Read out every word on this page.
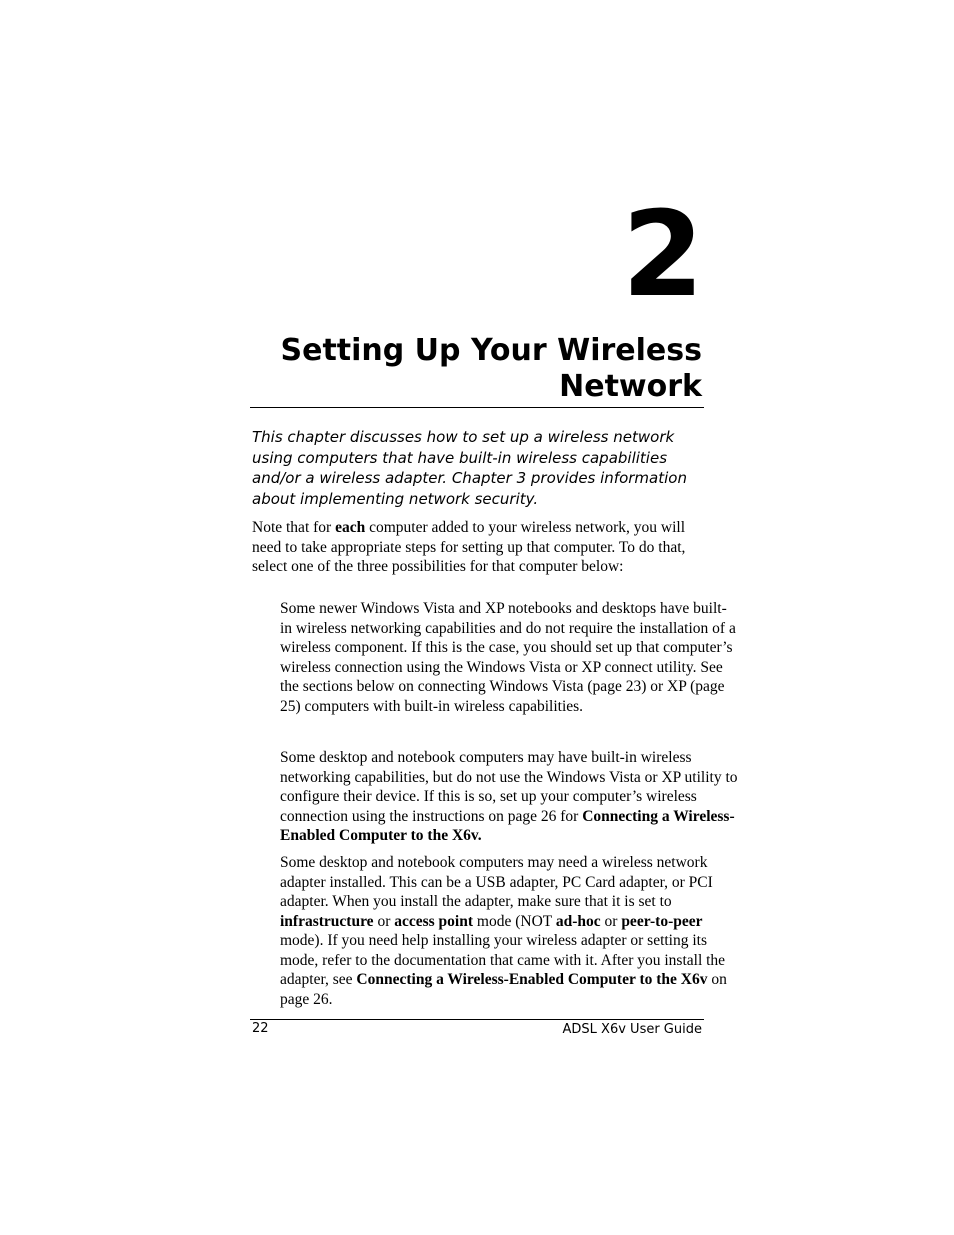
2
Setting Up Your Wireless
Network

This chapter discusses how to set up a wireless network using computers that have built-in wireless capabilities and/or a wireless adapter. Chapter 3 provides information about implementing network security.

Note that for each computer added to your wireless network, you will need to take appropriate steps for setting up that computer. To do that, select one of the three possibilities for that computer below:

Some newer Windows Vista and XP notebooks and desktops have built-in wireless networking capabilities and do not require the installation of a wireless component. If this is the case, you should set up that computer’s wireless connection using the Windows Vista or XP connect utility. See the sections below on connecting Windows Vista (page 23) or XP (page 25) computers with built-in wireless capabilities.

Some desktop and notebook computers may have built-in wireless networking capabilities, but do not use the Windows Vista or XP utility to configure their device. If this is so, set up your computer’s wireless connection using the instructions on page 26 for Connecting a Wireless-Enabled Computer to the X6v.

Some desktop and notebook computers may need a wireless network adapter installed. This can be a USB adapter, PC Card adapter, or PCI adapter. When you install the adapter, make sure that it is set to infrastructure or access point mode (NOT ad-hoc or peer-to-peer mode). If you need help installing your wireless adapter or setting its mode, refer to the documentation that came with it. After you install the adapter, see Connecting a Wireless-Enabled Computer to the X6v on page 26.

22	ADSL X6v User Guide
